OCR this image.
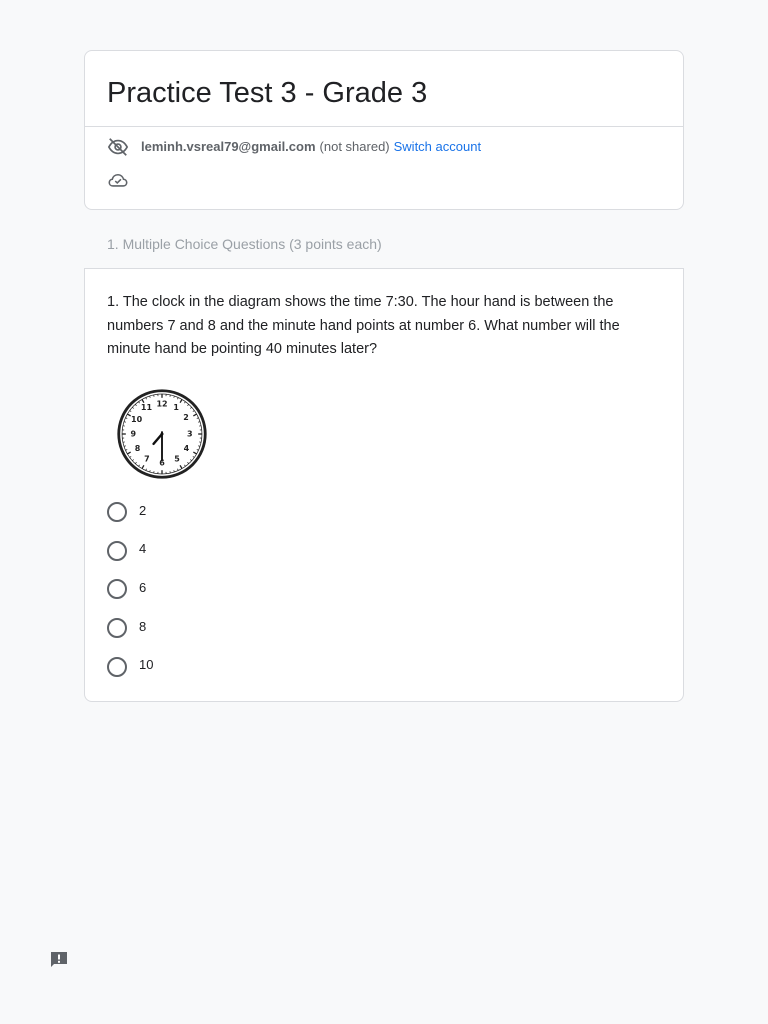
Practice Test 3 - Grade 3
leminh.vsreal79@gmail.com (not shared) Switch account
1. Multiple Choice Questions (3 points each)

1. The clock in the diagram shows the time 7:30. The hour hand is between the numbers 7 and 8 and the minute hand points at number 6. What number will the minute hand be pointing 40 minutes later?

12 1
2
3
4
5
6
7
8
9
10
11
2
4
6
8
10
